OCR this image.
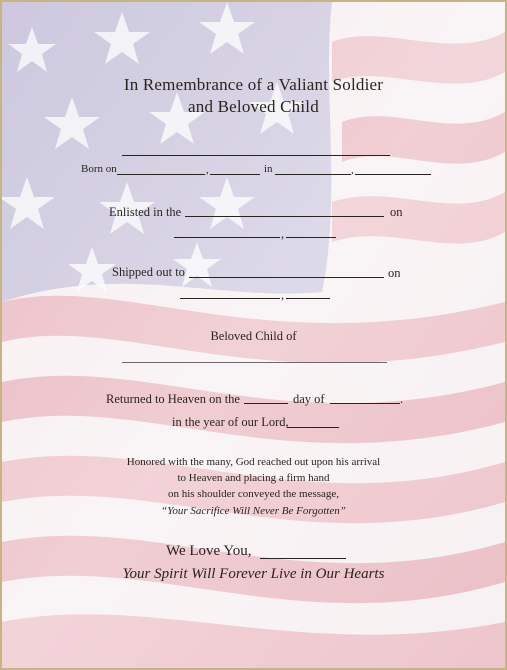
In Remembrance of a Valiant Soldier
and Beloved Child
Born on	,	in	,
Enlisted in the	on
,
Shipped out to	on
,
Beloved Child of
Returned to Heaven on the	day of	.
in the year of our Lord,
Honored with the many, God reached out upon his arrival
to Heaven and placing a firm hand
on his shoulder conveyed the message,
“Your Sacrifice Will Never Be Forgotten”
We Love You,
Your Spirit Will Forever Live in Our Hearts
